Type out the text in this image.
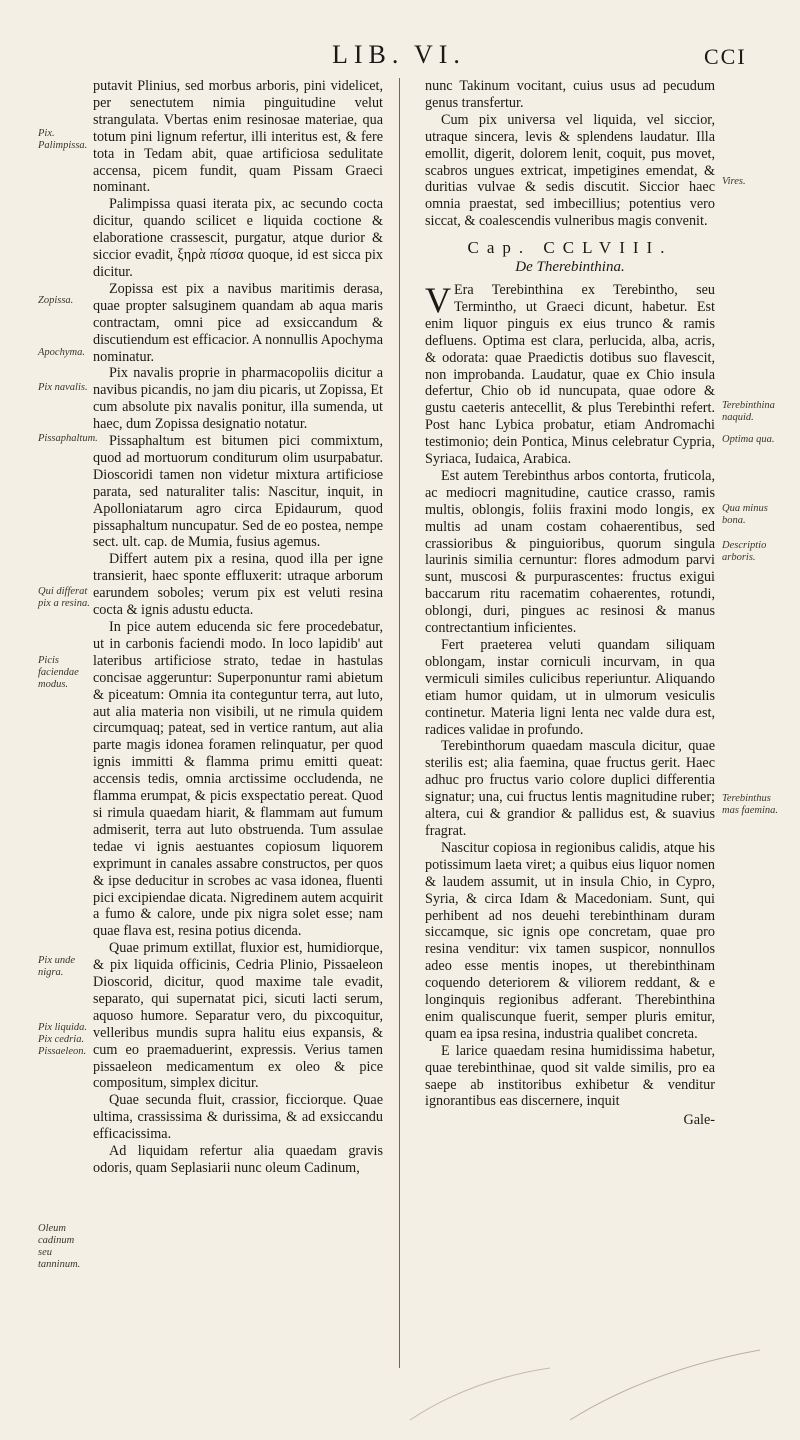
LIB. VI.	CCI

putavit Plinius, sed morbus arboris, pini videlicet, per senectutem nimia pinguitudine velut strangulata. Vbertas enim resinosae materiae, qua totum pini lignum refertur, illi interitus est, & fere tota in Tedam abit, quae artificiosa sedulitate accensa, picem fundit, quam Pissam Graeci nominant.

Palimpissa quasi iterata pix, ac secundo cocta dicitur, quando scilicet e liquida coctione & elaboratione crassescit, purgatur, atque durior & siccior evadit, ξηρὰ πίσσα quoque, id est sicca pix dicitur.

Zopissa est pix a navibus maritimis derasa, quae propter salsuginem quandam ab aqua maris contractam, omni pice ad exsiccandum & discutiendum est efficacior. A nonnullis Apochyma nominatur.

Pix navalis proprie in pharmacopoliis dicitur a navibus picandis, no jam diu picaris, ut Zopissa, Et cum absolute pix navalis ponitur, illa sumenda, ut haec, dum Zopissa designatio notatur.

Pissaphaltum est bitumen pici commixtum, quod ad mortuorum conditurum olim usurpabatur. Dioscoridi tamen non videtur mixtura artificiose parata, sed naturaliter talis: Nascitur, inquit, in Apolloniatarum agro circa Epidaurum, quod pissaphaltum nuncupatur. Sed de eo postea, nempe sect. ult. cap. de Mumia, fusius agemus.

Differt autem pix a resina, quod illa per igne transierit, haec sponte effluxerit: utraque arborum earundem soboles; verum pix est veluti resina cocta & ignis adustu educta.

In pice autem educenda sic fere procedebatur, ut in carbonis faciendi modo. In loco lapidib' aut lateribus artificiose strato, tedae in hastulas concisae aggeruntur: Superponuntur rami abietum & piceatum: Omnia ita conteguntur terra, aut luto, aut alia materia non visibili, ut ne rimula quidem circumquaq; pateat, sed in vertice rantum, aut alia parte magis idonea foramen relinquatur, per quod ignis immitti & flamma primu emitti queat: accensis tedis, omnia arctissime occludenda, ne flamma erumpat, & picis exspectatio pereat. Quod si rimula quaedam hiarit, & flammam aut fumum admiserit, terra aut luto obstruenda. Tum assulae tedae vi ignis aestuantes copiosum liquorem exprimunt in canales assabre constructos, per quos & ipse deducitur in scrobes ac vasa idonea, fluenti pici excipiendae dicata. Nigredinem autem acquirit a fumo & calore, unde pix nigra solet esse; nam quae flava est, resina potius dicenda.

Quae primum extillat, fluxior est, humidiorque, & pix liquida officinis, Cedria Plinio, Pissaeleon Dioscorid, dicitur, quod maxime tale evadit, separato, qui supernatat pici, sicuti lacti serum, aquoso humore. Separatur vero, du pixcoquitur, velleribus mundis supra halitu eius expansis, & cum eo praemaduerint, expressis. Verius tamen pissaeleon medicamentum ex oleo & pice compositum, simplex dicitur.

Quae secunda fluit, crassior, ficciorque. Quae ultima, crassissima & durissima, & ad exsiccandu efficacissima.

Ad liquidam refertur alia quaedam gravis odoris, quam Seplasiarii nunc oleum Cadinum,

Pix.
Palimpissa.
Zopissa.
Apochyma.
Pix navalis.
Pissaphaltum.
Qui differat pix a resina.
Picis faciendae modus.
Pix unde nigra.
Pix liquida. Pix cedria. Pissaeleon.
Oleum cadinum seu tanninum.

nunc Takinum vocitant, cuius usus ad pecudum genus transfertur.

Cum pix universa vel liquida, vel siccior, utraque sincera, levis & splendens laudatur. Illa emollit, digerit, dolorem lenit, coquit, pus movet, scabros ungues extricat, impetigines emendat, & duritias vulvae & sedis discutit. Siccior haec omnia praestat, sed imbecillius; potentius vero siccat, & coalescendis vulneribus magis convenit.

Cap. CCLVIII.
De Therebinthina.

V Era Terebinthina ex Terebintho, seu Termintho, ut Graeci dicunt, habetur. Est enim liquor pinguis ex eius trunco & ramis defluens. Optima est clara, perlucida, alba, acris, & odorata: quae Praedictis dotibus suo flavescit, non improbanda. Laudatur, quae ex Chio insula defertur, Chio ob id nuncupata, quae odore & gustu caeteris antecellit, & plus Terebinthi refert. Post hanc Lybica probatur, etiam Andromachi testimonio; dein Pontica, Minus celebratur Cypria, Syriaca, Iudaica, Arabica.

Est autem Terebinthus arbos contorta, fruticola, ac mediocri magnitudine, cautice crasso, ramis multis, oblongis, foliis fraxini modo longis, ex multis ad unam costam cohaerentibus, sed crassioribus & pinguioribus, quorum singula laurinis similia cernuntur: flores admodum parvi sunt, muscosi & purpurascentes: fructus exigui baccarum ritu racematim cohaerentes, rotundi, oblongi, duri, pingues ac resinosi & manus contrectantium inficientes.

Fert praeterea veluti quandam siliquam oblongam, instar corniculi incurvam, in qua vermiculi similes culicibus reperiuntur. Aliquando etiam humor quidam, ut in ulmorum vesiculis continetur. Materia ligni lenta nec valde dura est, radices validae in profundo.

Terebinthorum quaedam mascula dicitur, quae sterilis est; alia faemina, quae fructus gerit. Haec adhuc pro fructus vario colore duplici differentia signatur; una, cui fructus lentis magnitudine ruber; altera, cui & grandior & pallidus est, & suavius fragrat.

Nascitur copiosa in regionibus calidis, atque his potissimum laeta viret; a quibus eius liquor nomen & laudem assumit, ut in insula Chio, in Cypro, Syria, & circa Idam & Macedoniam. Sunt, qui perhibent ad nos deuehi terebinthinam duram siccamque, sic ignis ope concretam, quae pro resina venditur: vix tamen suspicor, nonnullos adeo esse mentis inopes, ut therebinthinam coquendo deteriorem & viliorem reddant, & e longinquis regionibus adferant. Therebinthina enim qualiscunque fuerit, semper pluris emitur, quam ea ipsa resina, industria qualibet concreta.

E larice quaedam resina humidissima habetur, quae terebinthinae, quod sit valde similis, pro ea saepe ab institoribus exhibetur & venditur ignorantibus eas discernere, inquit

Gale-
Vires.
Terebinthina naquid.
Optima qua.
Qua minus bona.
Descriptio arboris.
Terebinthus mas faemina.
